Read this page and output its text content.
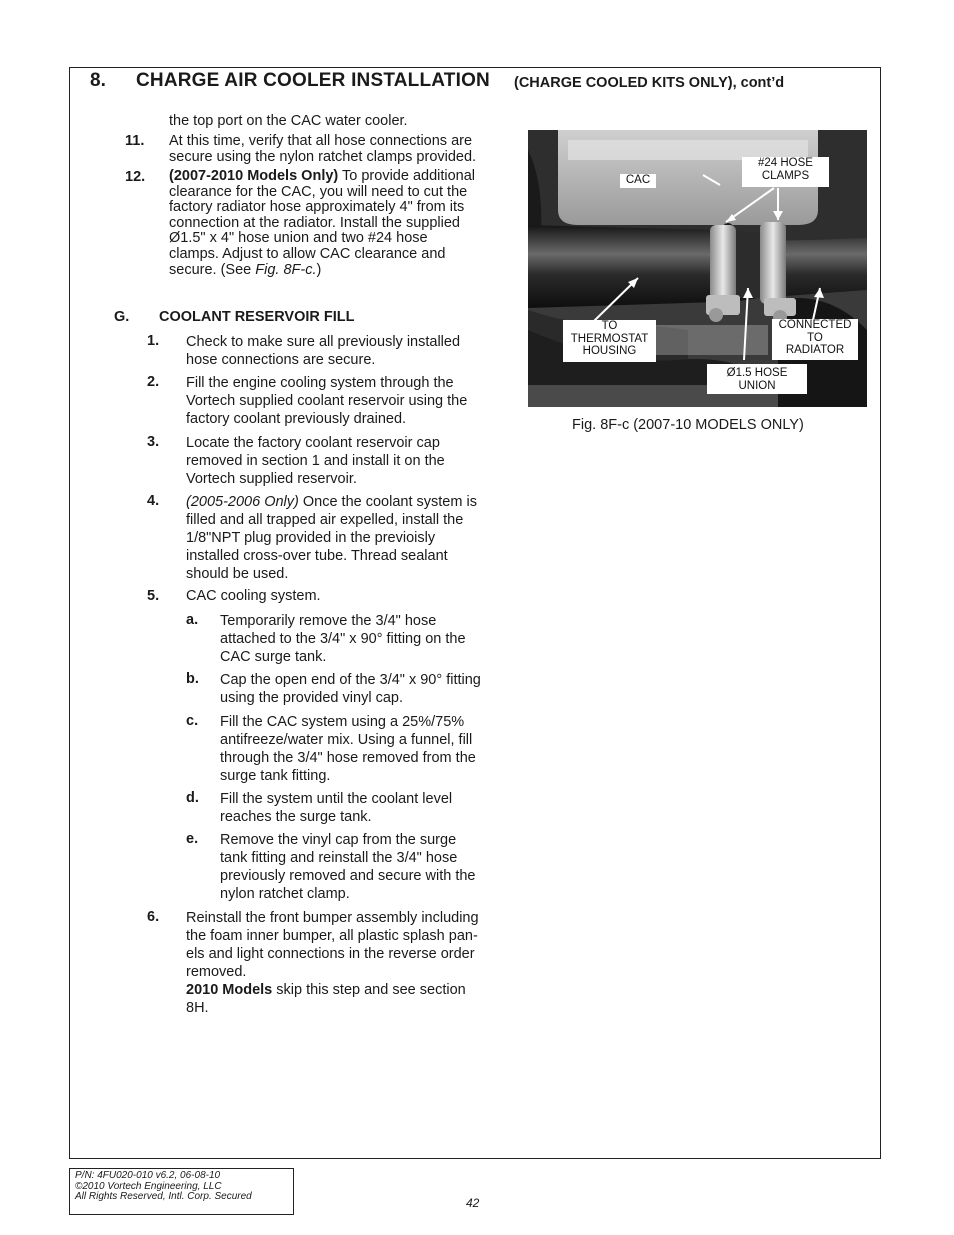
8. CHARGE AIR COOLER INSTALLATION (CHARGE COOLED KITS ONLY), cont’d
the top port on the CAC water cooler.
11. At this time, verify that all hose connections are
secure using the nylon ratchet clamps provided.
12. (2007-2010 Models Only) To provide additional
clearance for the CAC, you will need to cut the
factory radiator hose approximately 4" from its
connection at the radiator. Install the supplied
Ø1.5" x 4" hose union and two #24 hose
clamps. Adjust to allow CAC clearance and
secure. (See Fig. 8F-c.)
G. COOLANT RESERVOIR FILL
1. Check to make sure all previously installed
hose connections are secure.
2. Fill the engine cooling system through the
Vortech supplied coolant reservoir using the
factory coolant previously drained.
3. Locate the factory coolant reservoir cap
removed in section 1 and install it on the
Vortech supplied reservoir.
4. (2005-2006 Only) Once the coolant system is
filled and all trapped air expelled, install the
1/8"NPT plug provided in the previoisly
installed cross-over tube. Thread sealant
should be used.
5. CAC cooling system.
a. Temporarily remove the 3/4" hose
attached to the 3/4" x 90° fitting on the
CAC surge tank.
b. Cap the open end of the 3/4" x 90° fitting
using the provided vinyl cap.
c. Fill the CAC system using a 25%/75%
antifreeze/water mix. Using a funnel, fill
through the 3/4" hose removed from the
surge tank fitting.
d. Fill the system until the coolant level
reaches the surge tank.
e. Remove the vinyl cap from the surge
tank fitting and reinstall the 3/4" hose
previously removed and secure with the
nylon ratchet clamp.
6. Reinstall the front bumper assembly including
the foam inner bumper, all plastic splash pan-
els and light connections in the reverse order
removed.
2010 Models skip this step and see section
8H.
CAC
#24 HOSE
CLAMPS
TO
THERMOSTAT
HOUSING
CONNECTED
TO
RADIATOR
Ø1.5 HOSE
UNION
Fig. 8F-c (2007-10 MODELS ONLY)
P/N: 4FU020-010 v6.2, 06-08-10
©2010 Vortech Engineering, LLC
All Rights Reserved, Intl. Corp. Secured	42
